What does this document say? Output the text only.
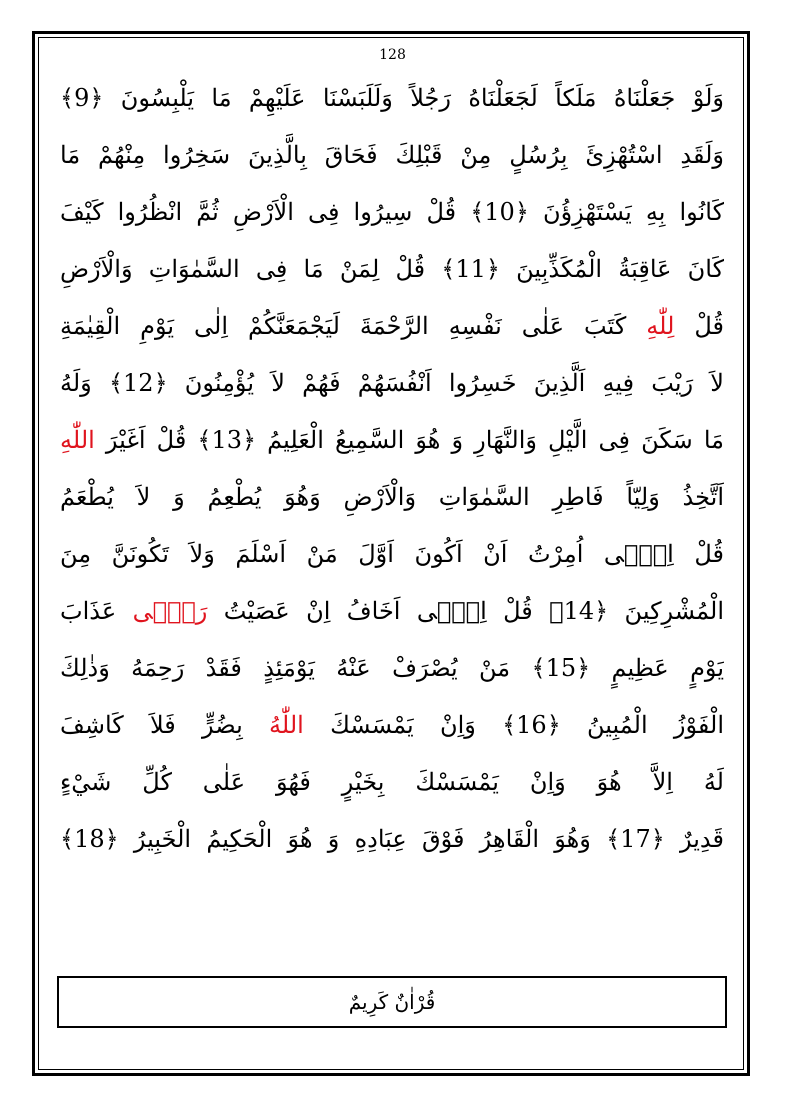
128
وَلَوْ جَعَلْنَاهُ مَلَكاً لَجَعَلْنَاهُ رَجُلاً وَلَلَبَسْنَا عَلَيْهِمْ مَا يَلْبِسُونَ ﴿9﴾
وَلَقَدِ اسْتُهْزِئَ بِرُسُلٍ مِنْ قَبْلِكَ فَحَاقَ بِالَّذِينَ سَخِرُوا مِنْهُمْ مَا
كَانُوا بِهِ يَسْتَهْزِؤُنَ ﴿10﴾ قُلْ سِيرُوا فِى الْاَرْضِ ثُمَّ انْظُرُوا كَيْفَ
كَانَ عَاقِبَةُ الْمُكَذِّبِينَ ﴿11﴾ قُلْ لِمَنْ مَا فِى السَّمٰوَاتِ وَالْاَرْضِ
قُلْ لِلّٰهِ كَتَبَ عَلٰى نَفْسِهِ الرَّحْمَةَ لَيَجْمَعَنَّكُمْ اِلٰى يَوْمِ الْقِيٰمَةِ
لاَ رَيْبَ فِيهِ اَلَّذِينَ خَسِرُوا اَنْفُسَهُمْ فَهُمْ لاَ يُؤْمِنُونَ ﴿12﴾ وَلَهُ
مَا سَكَنَ فِى الَّيْلِ وَالنَّهَارِ وَ هُوَ السَّمِيعُ الْعَلِيمُ ﴿13﴾ قُلْ اَغَيْرَ اللّٰهِ
اَتَّخِذُ وَلِيّاً فَاطِرِ السَّمٰوَاتِ وَالْاَرْضِ وَهُوَ يُطْعِمُ وَ لاَ يُطْعَمُ
قُلْ اِنّٖى اُمِرْتُ اَنْ اَكُونَ اَوَّلَ مَنْ اَسْلَمَ وَلاَ تَكُونَنَّ مِنَ
الْمُشْرِكِينَ ﴿14﴾ قُلْ اِنّٖى اَخَافُ اِنْ عَصَيْتُ رَبّٖى عَذَابَ
يَوْمٍ عَظِيمٍ ﴿15﴾ مَنْ يُصْرَفْ عَنْهُ يَوْمَئِذٍ فَقَدْ رَحِمَهُ وَذٰلِكَ
الْفَوْزُ الْمُبِينُ ﴿16﴾ وَاِنْ يَمْسَسْكَ اللّٰهُ بِضُرٍّ فَلاَ كَاشِفَ
لَهُ اِلاَّ هُوَ وَاِنْ يَمْسَسْكَ بِخَيْرٍ فَهُوَ عَلٰى كُلِّ شَيْءٍ
قَدِيرٌ ﴿17﴾ وَهُوَ الْقَاهِرُ فَوْقَ عِبَادِهِ وَ هُوَ الْحَكِيمُ الْخَبِيرُ ﴿18﴾
قُرْاٰنٌ كَرِيمٌ
